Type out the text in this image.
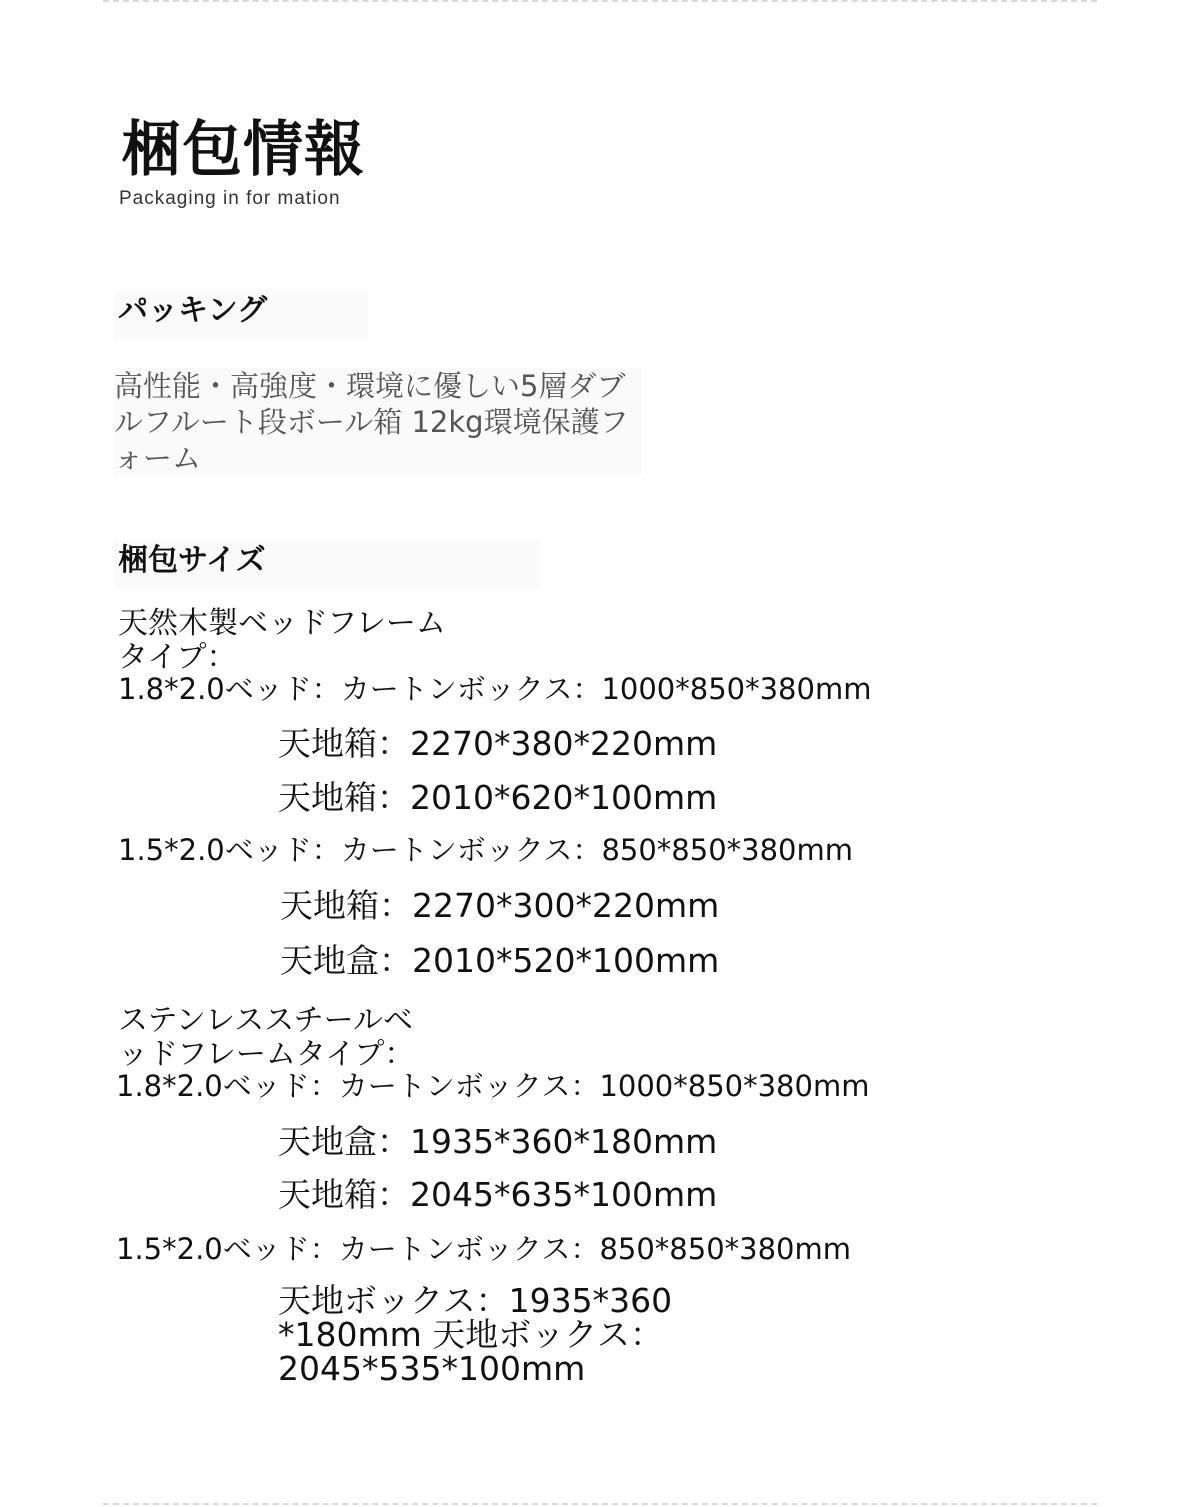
梱包情報
Packaging in for mation
パッキング
高性能・高強度・環境に優しい5層ダブルフルート段ボール箱 12kg環境保護フォーム
梱包サイズ
天然木製ベッドフレームタイプ：
1.8*2.0ベッド：カートンボックス：1000*850*380mm
天地箱：2270*380*220mm
天地箱：2010*620*100mm
1.5*2.0ベッド：カートンボックス：850*850*380mm
天地箱：2270*300*220mm
天地盒：2010*520*100mm
ステンレススチールベッドフレームタイプ：
1.8*2.0ベッド：カートンボックス：1000*850*380mm
天地盒：1935*360*180mm
天地箱：2045*635*100mm
1.5*2.0ベッド：カートンボックス：850*850*380mm
天地ボックス：1935*360*180mm 天地ボックス：2045*535*100mm
